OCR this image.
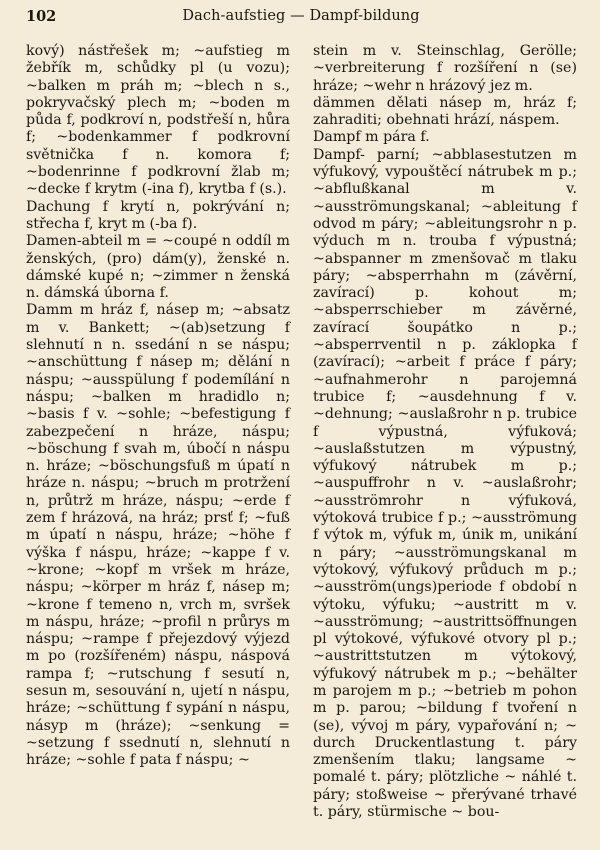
102	Dach-aufstieg — Dampf-bildung

kový) nástřešek m; ~aufstieg m žebřík m, schůdky pl (u vozu); ~balken m práh m; ~blech n s., pokryvačský plech m; ~boden m půda f, podkroví n, podstřeší n, hůra f; ~bodenkammer f podkrovní světnička f n. komora f; ~bodenrinne f podkrovní žlab m; ~decke f krytm (-ina f), krytba f (s.).

Dachung f krytí n, pokrývání n; střecha f, kryt m (-ba f).

Damen-abteil m = ~coupé n oddíl m ženských, (pro) dám(y), ženské n. dámské kupé n; ~zimmer n ženská n. dámská úborna f.

Damm m hráz f, násep m; ~absatz m v. Bankett; ~(ab)setzung f slehnutí n n. ssedání n se náspu; ~anschüttung f násep m; dělání n náspu; ~ausspülung f podemílání n náspu; ~balken m hradidlo n; ~basis f v. ~sohle; ~befestigung f zabezpečení n hráze, náspu; ~böschung f svah m, úbočí n náspu n. hráze; ~böschungsfuß m úpatí n hráze n. náspu; ~bruch m protržení n, průtrž m hráze, náspu; ~erde f zem f hrázová, na hráz; prsť f; ~fuß m úpatí n náspu, hráze; ~höhe f výška f náspu, hráze; ~kappe f v. ~krone; ~kopf m vršek m hráze, náspu; ~körper m hráz f, násep m; ~krone f temeno n, vrch m, svršek m náspu, hráze; ~profil n průrys m náspu; ~rampe f přejezdový výjezd m po (rozšířeném) náspu, náspová rampa f; ~rutschung f sesutí n, sesun m, sesouvání n, ujetí n náspu, hráze; ~schüttung f sypání n náspu, násyp m (hráze); ~senkung = ~setzung f ssednutí n, slehnutí n hráze; ~sohle f pata f náspu; ~

stein m v. Steinschlag, Gerölle; ~verbreiterung f rozšíření n (se) hráze; ~wehr n hrázový jez m.

dämmen dělati násep m, hráz f; zahraditi; obehnati hrází, náspem.

Dampf m pára f.

Dampf- parní; ~abblasestutzen m výfukový, vypouštěcí nátrubek m p.; ~abflußkanal m v. ~ausströmungskanal; ~ableitung f odvod m páry; ~ableitungsrohr n p. výduch m n. trouba f výpustná; ~abspanner m zmenšovač m tlaku páry; ~absperrhahn m (závěrní, zavírací) p. kohout m; ~absperrschieber m závěrné, zavírací šoupátko n p.; ~absperrventil n p. záklopka f (zavírací); ~arbeit f práce f páry; ~aufnahmerohr n parojemná trubice f; ~ausdehnung f v. ~dehnung; ~auslaßrohr n p. trubice f výpustná, výfuková; ~auslaßstutzen m výpustný, výfukový nátrubek m p.; ~auspuffrohr n v. ~auslaßrohr; ~ausströmrohr n výfuková, výtoková trubice f p.; ~ausströmung f výtok m, výfuk m, únik m, unikání n páry; ~ausströmungskanal m výtokový, výfukový průduch m p.; ~ausström(ungs)periode f období n výtoku, výfuku; ~austritt m v. ~ausströmung; ~austrittsöffnungen pl výtokové, výfukové otvory pl p.; ~austrittstutzen m výtokový, výfukový nátrubek m p.; ~behälter m parojem m p.; ~betrieb m pohon m p. parou; ~bildung f tvoření n (se), vývoj m páry, vypařování n; ~ durch Druckentlastung t. páry zmenšením tlaku; langsame ~ pomalé t. páry; plötzliche ~ náhlé t. páry; stoßweise ~ přerývané trhavé t. páry, stürmische ~ bou-
